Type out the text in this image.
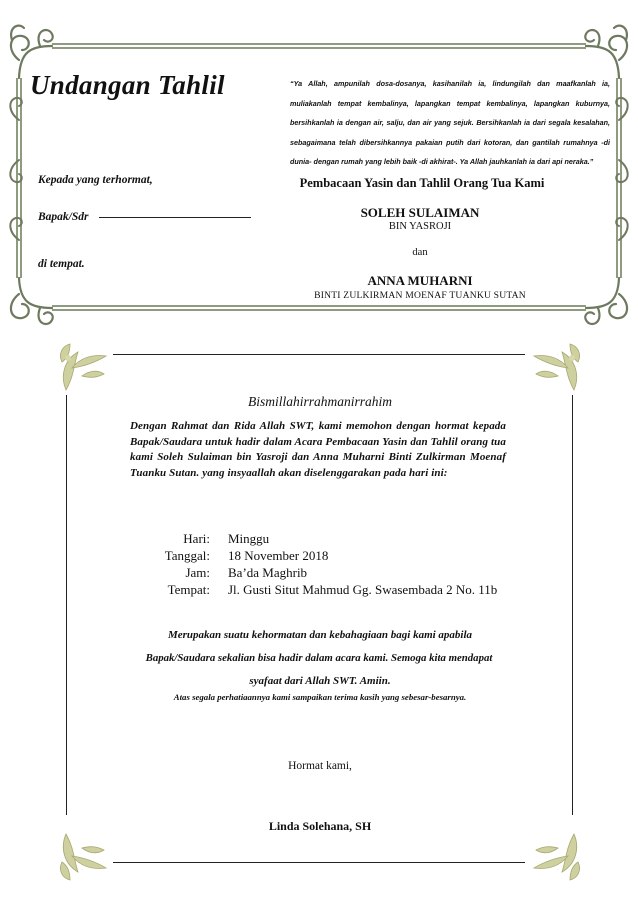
Undangan Tahlil	“Ya Allah, ampunilah dosa-dosanya, kasihanilah ia, lindungilah dan maafkanlah ia, muliakanlah tempat kembalinya, lapangkan tempat kembalinya, lapangkan kuburnya, bersihkanlah ia dengan air, salju, dan air yang sejuk. Bersihkanlah ia dari segala kesalahan, sebagaimana telah dibersihkannya pakaian putih dari kotoran, dan gantilah rumahnya -di dunia- dengan rumah yang lebih baik -di akhirat-. Ya Allah jauhkanlah ia dari api neraka.”
Kepada yang terhormat,
Bapak/Sdr
di tempat.
Pembacaan Yasin dan Tahlil Orang Tua Kami
SOLEH SULAIMAN
BIN YASROJI
dan
ANNA MUHARNI
BINTI ZULKIRMAN MOENAF TUANKU SUTAN
Bismillahirrahmanirrahim
Dengan Rahmat dan Rida Allah SWT, kami memohon dengan hormat kepada Bapak/Saudara untuk hadir dalam Acara Pembacaan Yasin dan Tahlil orang tua kami Soleh Sulaiman bin Yasroji dan Anna Muharni Binti Zulkirman Moenaf Tuanku Sutan. yang insyaallah akan diselenggarakan pada hari ini:
Hari: Minggu
Tanggal: 18 November 2018
Jam: Ba’da Maghrib
Tempat: Jl. Gusti Situt Mahmud Gg. Swasembada 2 No. 11b
Merupakan suatu kehormatan dan kebahagiaan bagi kami apabila
Bapak/Saudara sekalian bisa hadir dalam acara kami. Semoga kita mendapat
syafaat dari Allah SWT. Amiin.
Atas segala perhatiaannya kami sampaikan terima kasih yang sebesar-besarnya.
Hormat kami,
Linda Solehana, SH
